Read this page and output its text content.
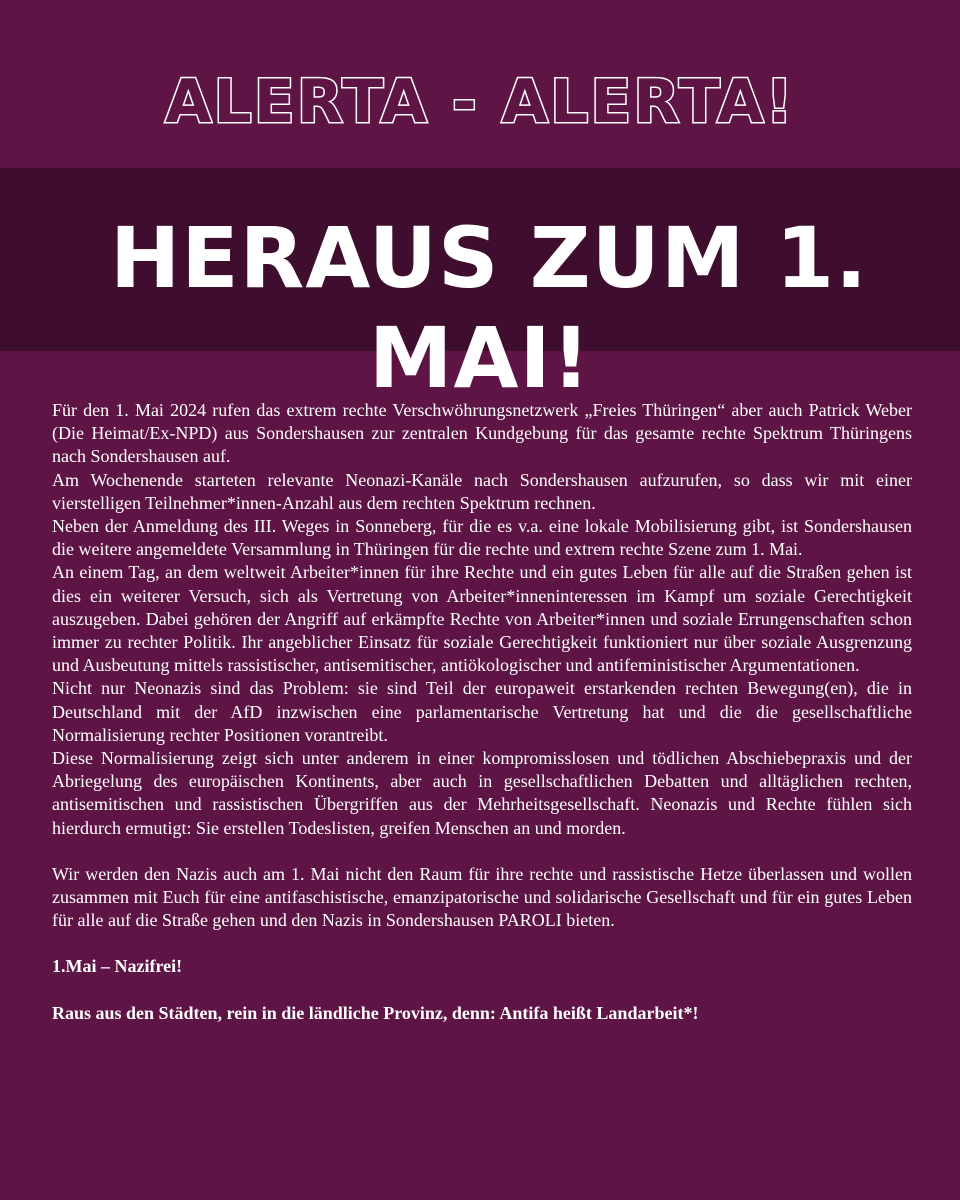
ALERTA - ALERTA!
HERAUS ZUM 1. MAI!

Für den 1. Mai 2024 rufen das extrem rechte Verschwöhrungsnetzwerk „Freies Thüringen“ aber auch Patrick Weber (Die Heimat/Ex-NPD) aus Sondershausen zur zentralen Kundgebung für das gesamte rechte Spektrum Thüringens nach Sondershausen auf.

Am Wochenende starteten relevante Neonazi-Kanäle nach Sondershausen aufzurufen, so dass wir mit einer vierstelligen Teilnehmer*innen-Anzahl aus dem rechten Spektrum rechnen.

Neben der Anmeldung des III. Weges in Sonneberg, für die es v.a. eine lokale Mobilisierung gibt, ist Sondershausen die weitere angemeldete Versammlung in Thüringen für die rechte und extrem rechte Szene zum 1. Mai.

An einem Tag, an dem weltweit Arbeiter*innen für ihre Rechte und ein gutes Leben für alle auf die Straßen gehen ist dies ein weiterer Versuch, sich als Vertretung von Arbeiter*inneninteressen im Kampf um soziale Gerechtigkeit auszugeben. Dabei gehören der Angriff auf erkämpfte Rechte von Arbeiter*innen und soziale Errungenschaften schon immer zu rechter Politik. Ihr angeblicher Einsatz für soziale Gerechtigkeit funktioniert nur über soziale Ausgrenzung und Ausbeutung mittels rassistischer, antisemitischer, antiökologischer und antifeministischer Argumentationen.

Nicht nur Neonazis sind das Problem: sie sind Teil der europaweit erstarkenden rechten Bewegung(en), die in Deutschland mit der AfD inzwischen eine parlamentarische Vertretung hat und die die gesellschaftliche Normalisierung rechter Positionen vorantreibt.

Diese Normalisierung zeigt sich unter anderem in einer kompromisslosen und tödlichen Abschiebepraxis und der Abriegelung des europäischen Kontinents, aber auch in gesellschaftlichen Debatten und alltäglichen rechten, antisemitischen und rassistischen Übergriffen aus der Mehrheitsgesellschaft. Neonazis und Rechte fühlen sich hierdurch ermutigt: Sie erstellen Todeslisten, greifen Menschen an und morden.

Wir werden den Nazis auch am 1. Mai nicht den Raum für ihre rechte und rassistische Hetze überlassen und wollen zusammen mit Euch für eine antifaschistische, emanzipatorische und solidarische Gesellschaft und für ein gutes Leben für alle auf die Straße gehen und den Nazis in Sondershausen PAROLI bieten.

1.Mai – Nazifrei!

Raus aus den Städten, rein in die ländliche Provinz, denn: Antifa heißt Landarbeit*!
